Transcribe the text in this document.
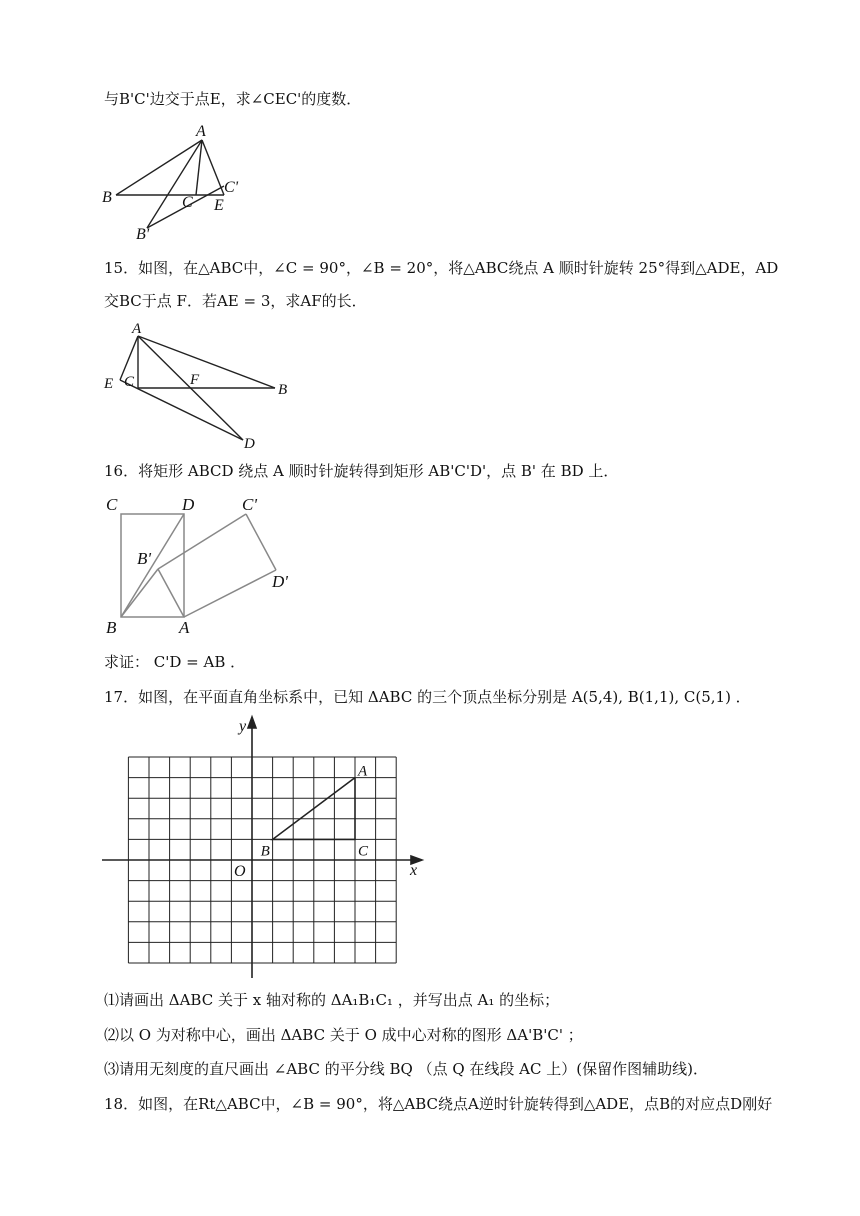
与B'C'边交于点E，求∠CEC'的度数．
A
B	C
C'
E
B'
15．如图，在△ABC中，∠C = 90°，∠B = 20°，将△ABC绕点 A 顺时针旋转 25°得到△ADE，AD
交BC于点 F．若AE = 3，求AF的长．
A
E C	F
B
D
16．将矩形 ABCD 绕点 A 顺时针旋转得到矩形 AB'C'D'，点 B' 在 BD 上．
C	D	C'
B'
D'
B	A
求证： C'D = AB ．
17．如图，在平面直角坐标系中，已知 ΔABC 的三个顶点坐标分别是 A(5,4), B(1,1), C(5,1) ．
y
x
O
A
B	C
⑴请画出 ΔABC 关于 x 轴对称的 ΔA₁B₁C₁ ，并写出点 A₁ 的坐标；
⑵以 O 为对称中心，画出 ΔABC 关于 O 成中心对称的图形 ΔA'B'C' ；
⑶请用无刻度的直尺画出 ∠ABC 的平分线 BQ （点 Q 在线段 AC 上）(保留作图辅助线)．
18．如图，在Rt△ABC中，∠B = 90°，将△ABC绕点A逆时针旋转得到△ADE，点B的对应点D刚好
